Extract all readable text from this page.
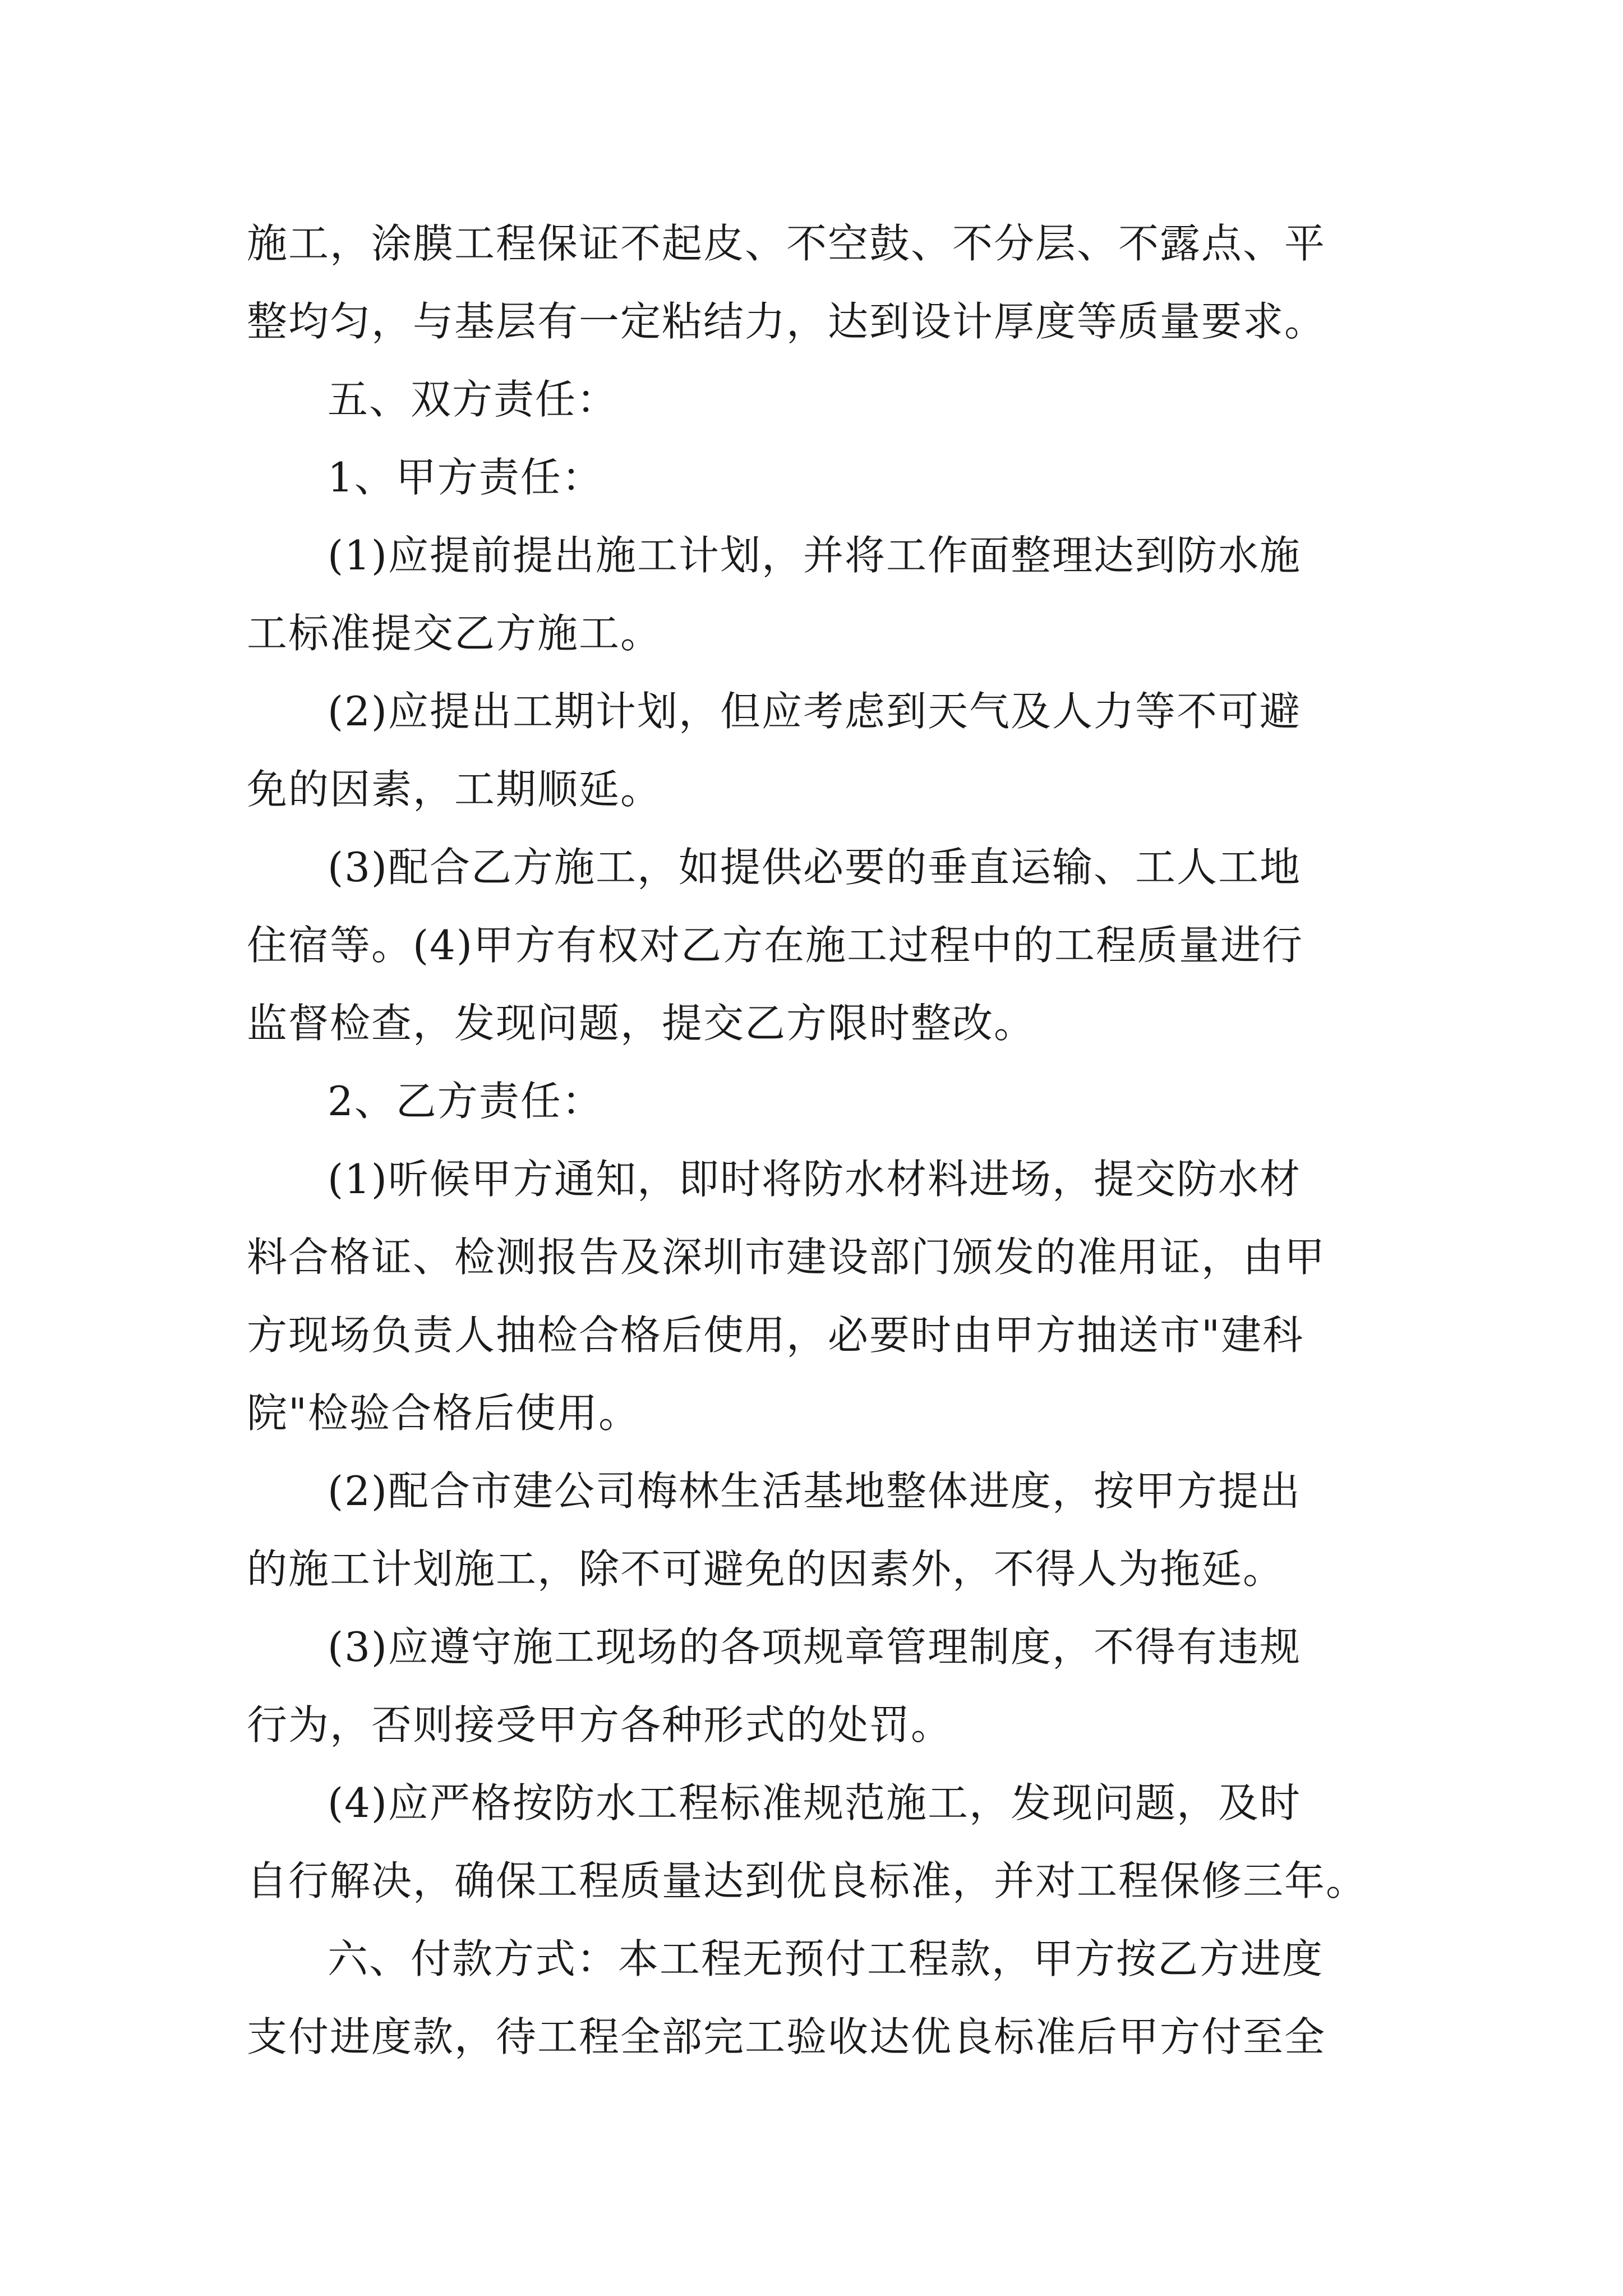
施工，涂膜工程保证不起皮、不空鼓、不分层、不露点、平
整均匀，与基层有一定粘结力，达到设计厚度等质量要求。
五、双方责任：
1、甲方责任：
(1)应提前提出施工计划，并将工作面整理达到防水施
工标准提交乙方施工。
(2)应提出工期计划，但应考虑到天气及人力等不可避
免的因素，工期顺延。
(3)配合乙方施工，如提供必要的垂直运输、工人工地
住宿等。(4)甲方有权对乙方在施工过程中的工程质量进行
监督检查，发现问题，提交乙方限时整改。
2、乙方责任：
(1)听候甲方通知，即时将防水材料进场，提交防水材
料合格证、检测报告及深圳市建设部门颁发的准用证，由甲
方现场负责人抽检合格后使用，必要时由甲方抽送市"建科
院"检验合格后使用。
(2)配合市建公司梅林生活基地整体进度，按甲方提出
的施工计划施工，除不可避免的因素外，不得人为拖延。
(3)应遵守施工现场的各项规章管理制度，不得有违规
行为，否则接受甲方各种形式的处罚。
(4)应严格按防水工程标准规范施工，发现问题，及时
自行解决，确保工程质量达到优良标准，并对工程保修三年。
六、付款方式：本工程无预付工程款，甲方按乙方进度
支付进度款，待工程全部完工验收达优良标准后甲方付至全
